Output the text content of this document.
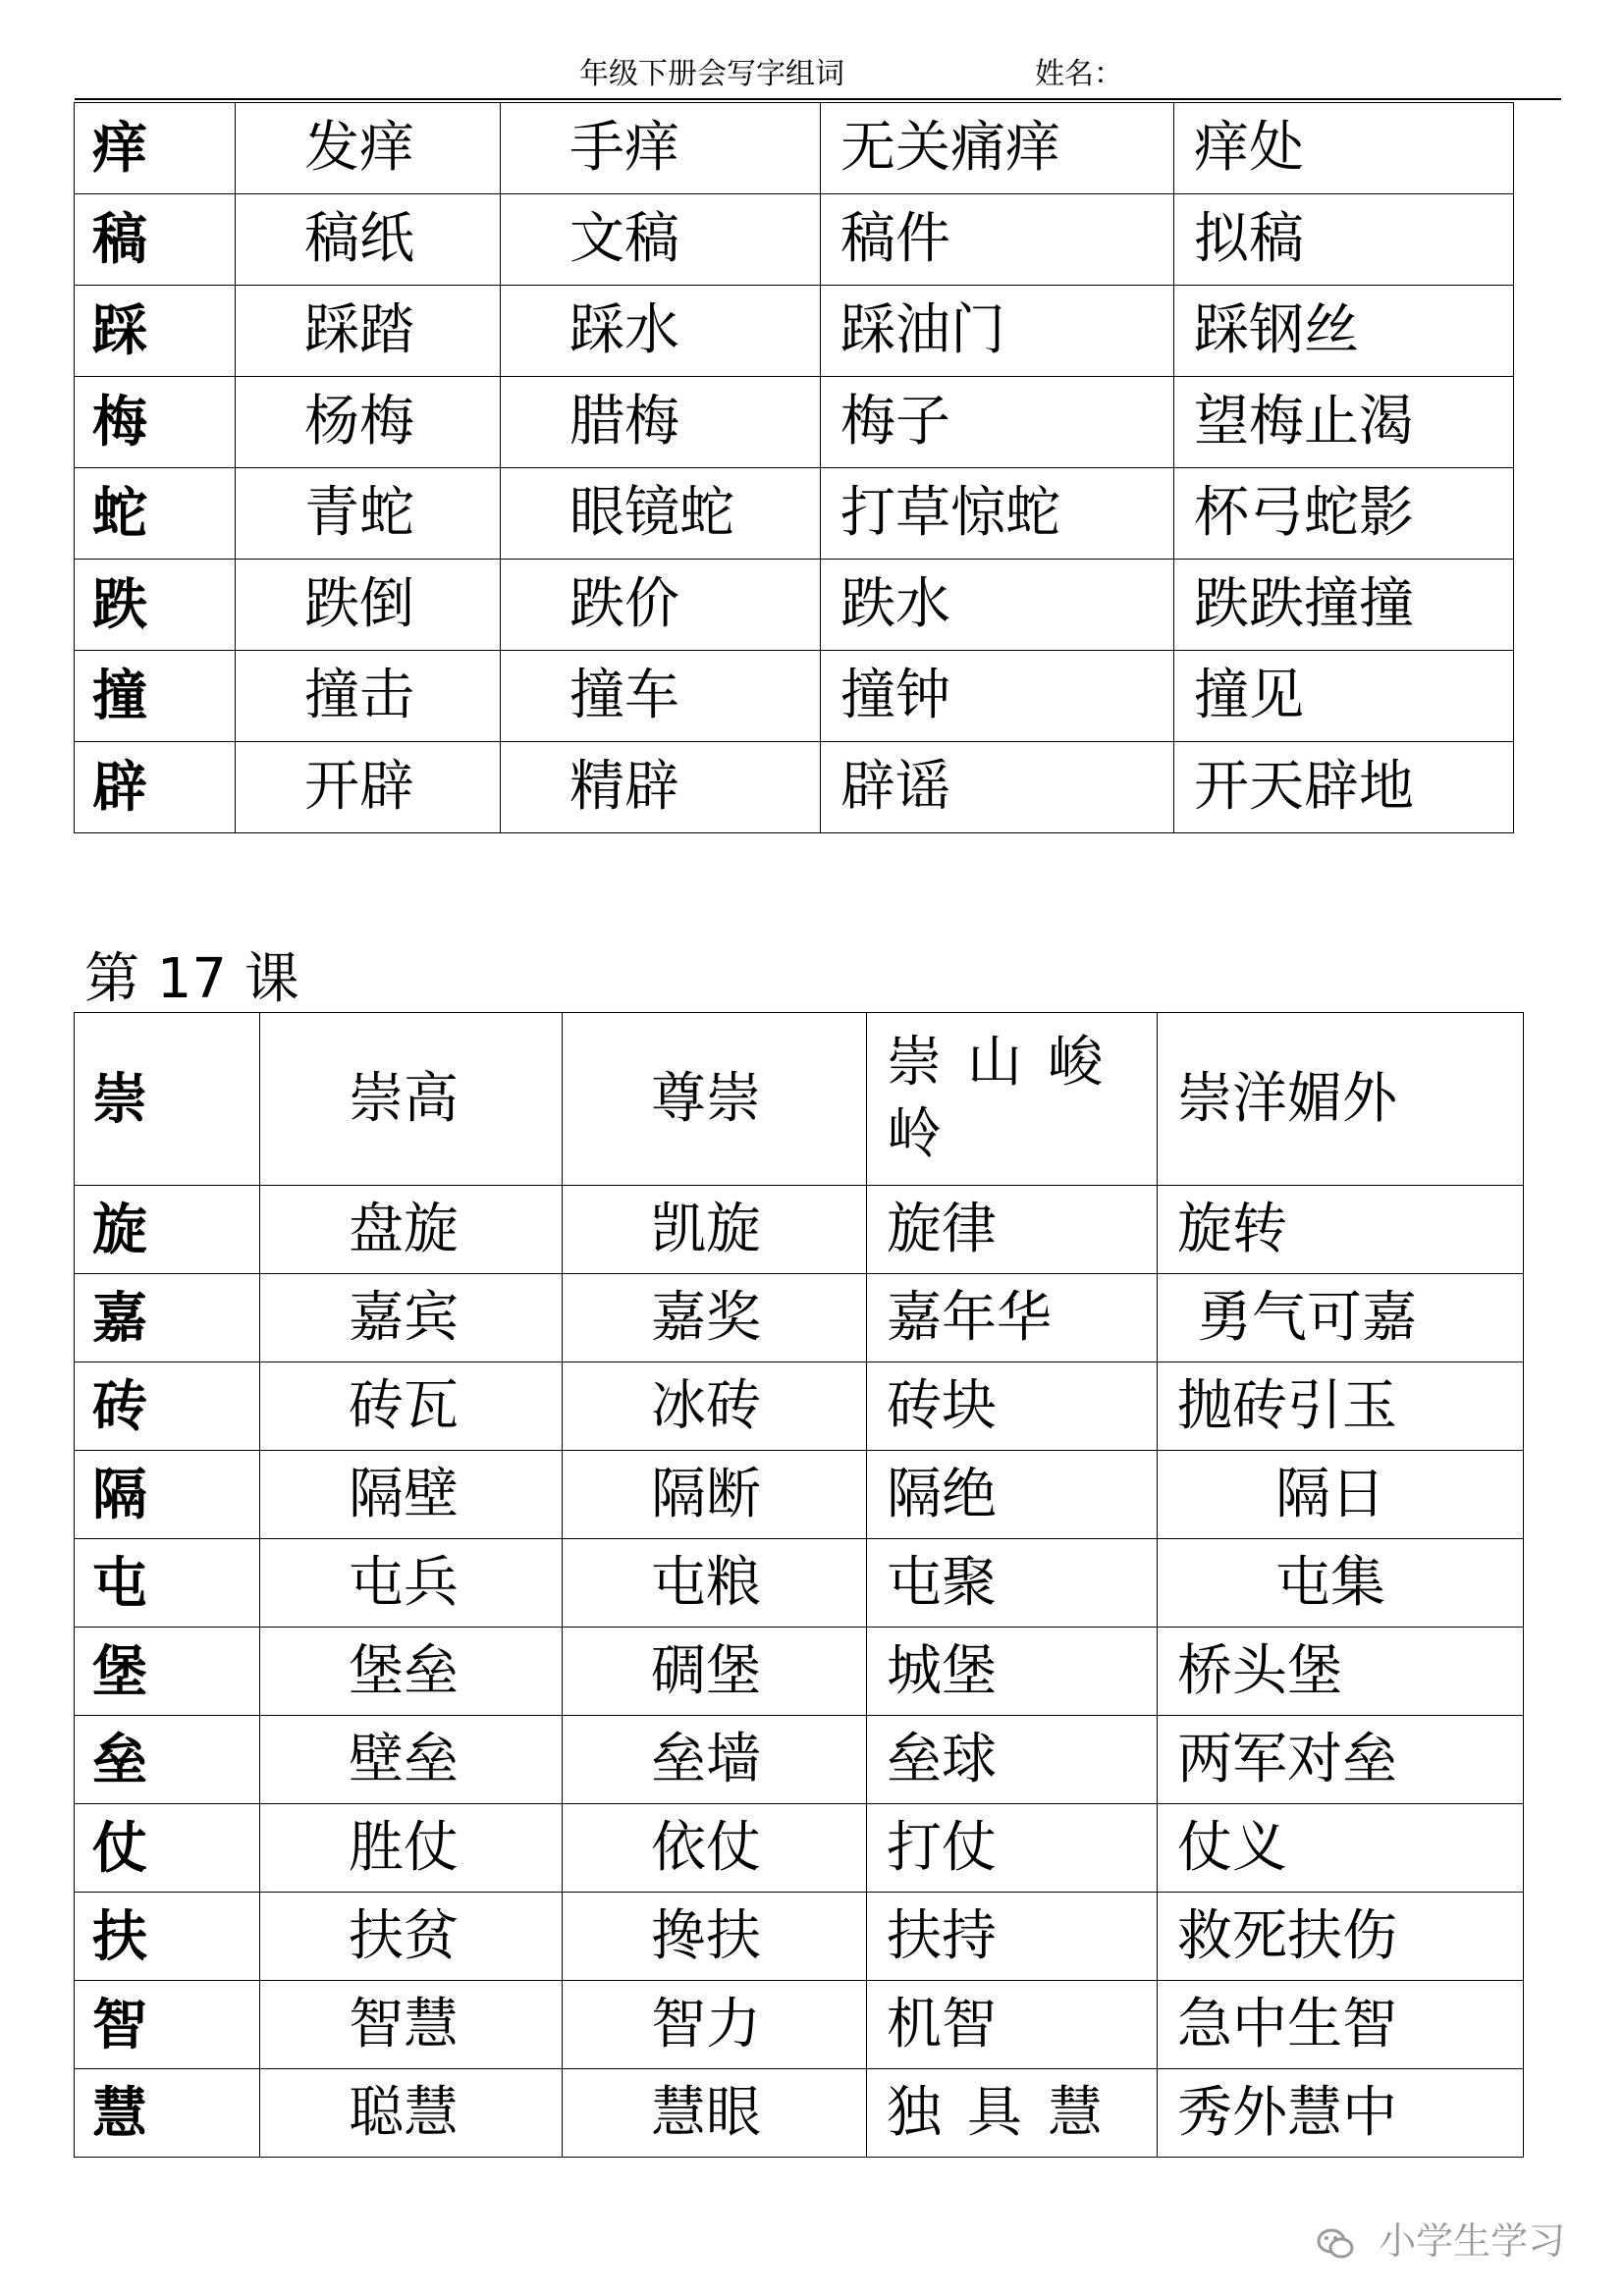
年级下册会写字组词	姓名：
痒	发痒	手痒	无关痛痒	痒处
稿	稿纸	文稿	稿件	拟稿
踩	踩踏	踩水	踩油门	踩钢丝
梅	杨梅	腊梅	梅子	望梅止渴
蛇	青蛇	眼镜蛇	打草惊蛇	杯弓蛇影
跌	跌倒	跌价	跌水	跌跌撞撞
撞	撞击	撞车	撞钟	撞见
辟	开辟	精辟	辟谣	开天辟地
第 17 课
崇	崇高	尊崇	崇山峻岭	崇洋媚外
旋	盘旋	凯旋	旋律	旋转
嘉	嘉宾	嘉奖	嘉年华	勇气可嘉
砖	砖瓦	冰砖	砖块	抛砖引玉
隔	隔壁	隔断	隔绝	隔日
屯	屯兵	屯粮	屯聚	屯集
堡	堡垒	碉堡	城堡	桥头堡
垒	壁垒	垒墙	垒球	两军对垒
仗	胜仗	依仗	打仗	仗义
扶	扶贫	搀扶	扶持	救死扶伤
智	智慧	智力	机智	急中生智
慧	聪慧	慧眼	独具慧	秀外慧中
小学生学习
